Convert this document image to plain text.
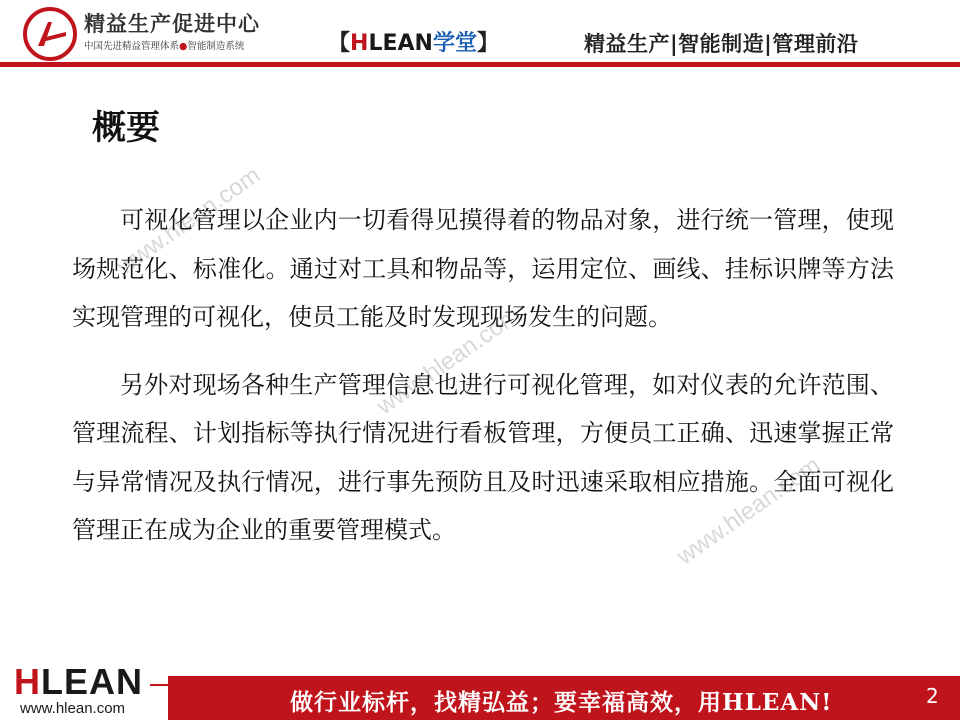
精益生产促进中心
中国先进精益管理体系●智能制造系统	【HLEAN学堂】	精益生产|智能制造|管理前沿
www.hlean.com
www.hlean.com
www.hlean.com
概要

可视化管理以企业内一切看得见摸得着的物品对象，进行统一管理，使现场规范化、标准化。通过对工具和物品等，运用定位、画线、挂标识牌等方法实现管理的可视化，使员工能及时发现现场发生的问题。

另外对现场各种生产管理信息也进行可视化管理，如对仪表的允许范围、管理流程、计划指标等执行情况进行看板管理，方便员工正确、迅速掌握正常与异常情况及执行情况，进行事先预防且及时迅速采取相应措施。全面可视化管理正在成为企业的重要管理模式。

HLEAN
www.hlean.com	做行业标杆，找精弘益；要幸福高效，用HLEAN!	2
